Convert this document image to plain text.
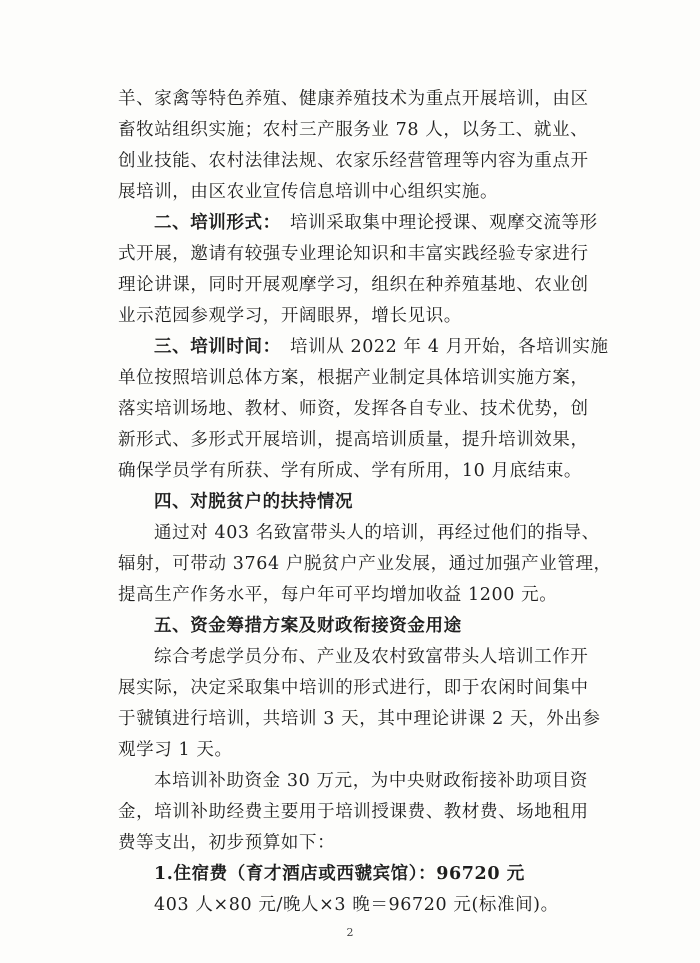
羊、家禽等特色养殖、健康养殖技术为重点开展培训，由区
畜牧站组织实施；农村三产服务业 78 人，以务工、就业、
创业技能、农村法律法规、农家乐经营管理等内容为重点开
展培训，由区农业宣传信息培训中心组织实施。
二、培训形式： 培训采取集中理论授课、观摩交流等形
式开展，邀请有较强专业理论知识和丰富实践经验专家进行
理论讲课，同时开展观摩学习，组织在种养殖基地、农业创
业示范园参观学习，开阔眼界，增长见识。
三、培训时间： 培训从 2022 年 4 月开始，各培训实施
单位按照培训总体方案，根据产业制定具体培训实施方案，
落实培训场地、教材、师资，发挥各自专业、技术优势，创
新形式、多形式开展培训，提高培训质量，提升培训效果，
确保学员学有所获、学有所成、学有所用，10 月底结束。
四、对脱贫户的扶持情况
通过对 403 名致富带头人的培训，再经过他们的指导、
辐射，可带动 3764 户脱贫户产业发展，通过加强产业管理，
提高生产作务水平，每户年可平均增加收益 1200 元。
五、资金筹措方案及财政衔接资金用途
综合考虑学员分布、产业及农村致富带头人培训工作开
展实际，决定采取集中培训的形式进行，即于农闲时间集中
于虢镇进行培训，共培训 3 天，其中理论讲课 2 天，外出参
观学习 1 天。
本培训补助资金 30 万元，为中央财政衔接补助项目资
金，培训补助经费主要用于培训授课费、教材费、场地租用
费等支出，初步预算如下：
1.住宿费（育才酒店或西虢宾馆）：96720 元
403 人×80 元/晚人×3 晚＝96720 元(标准间)。
2
